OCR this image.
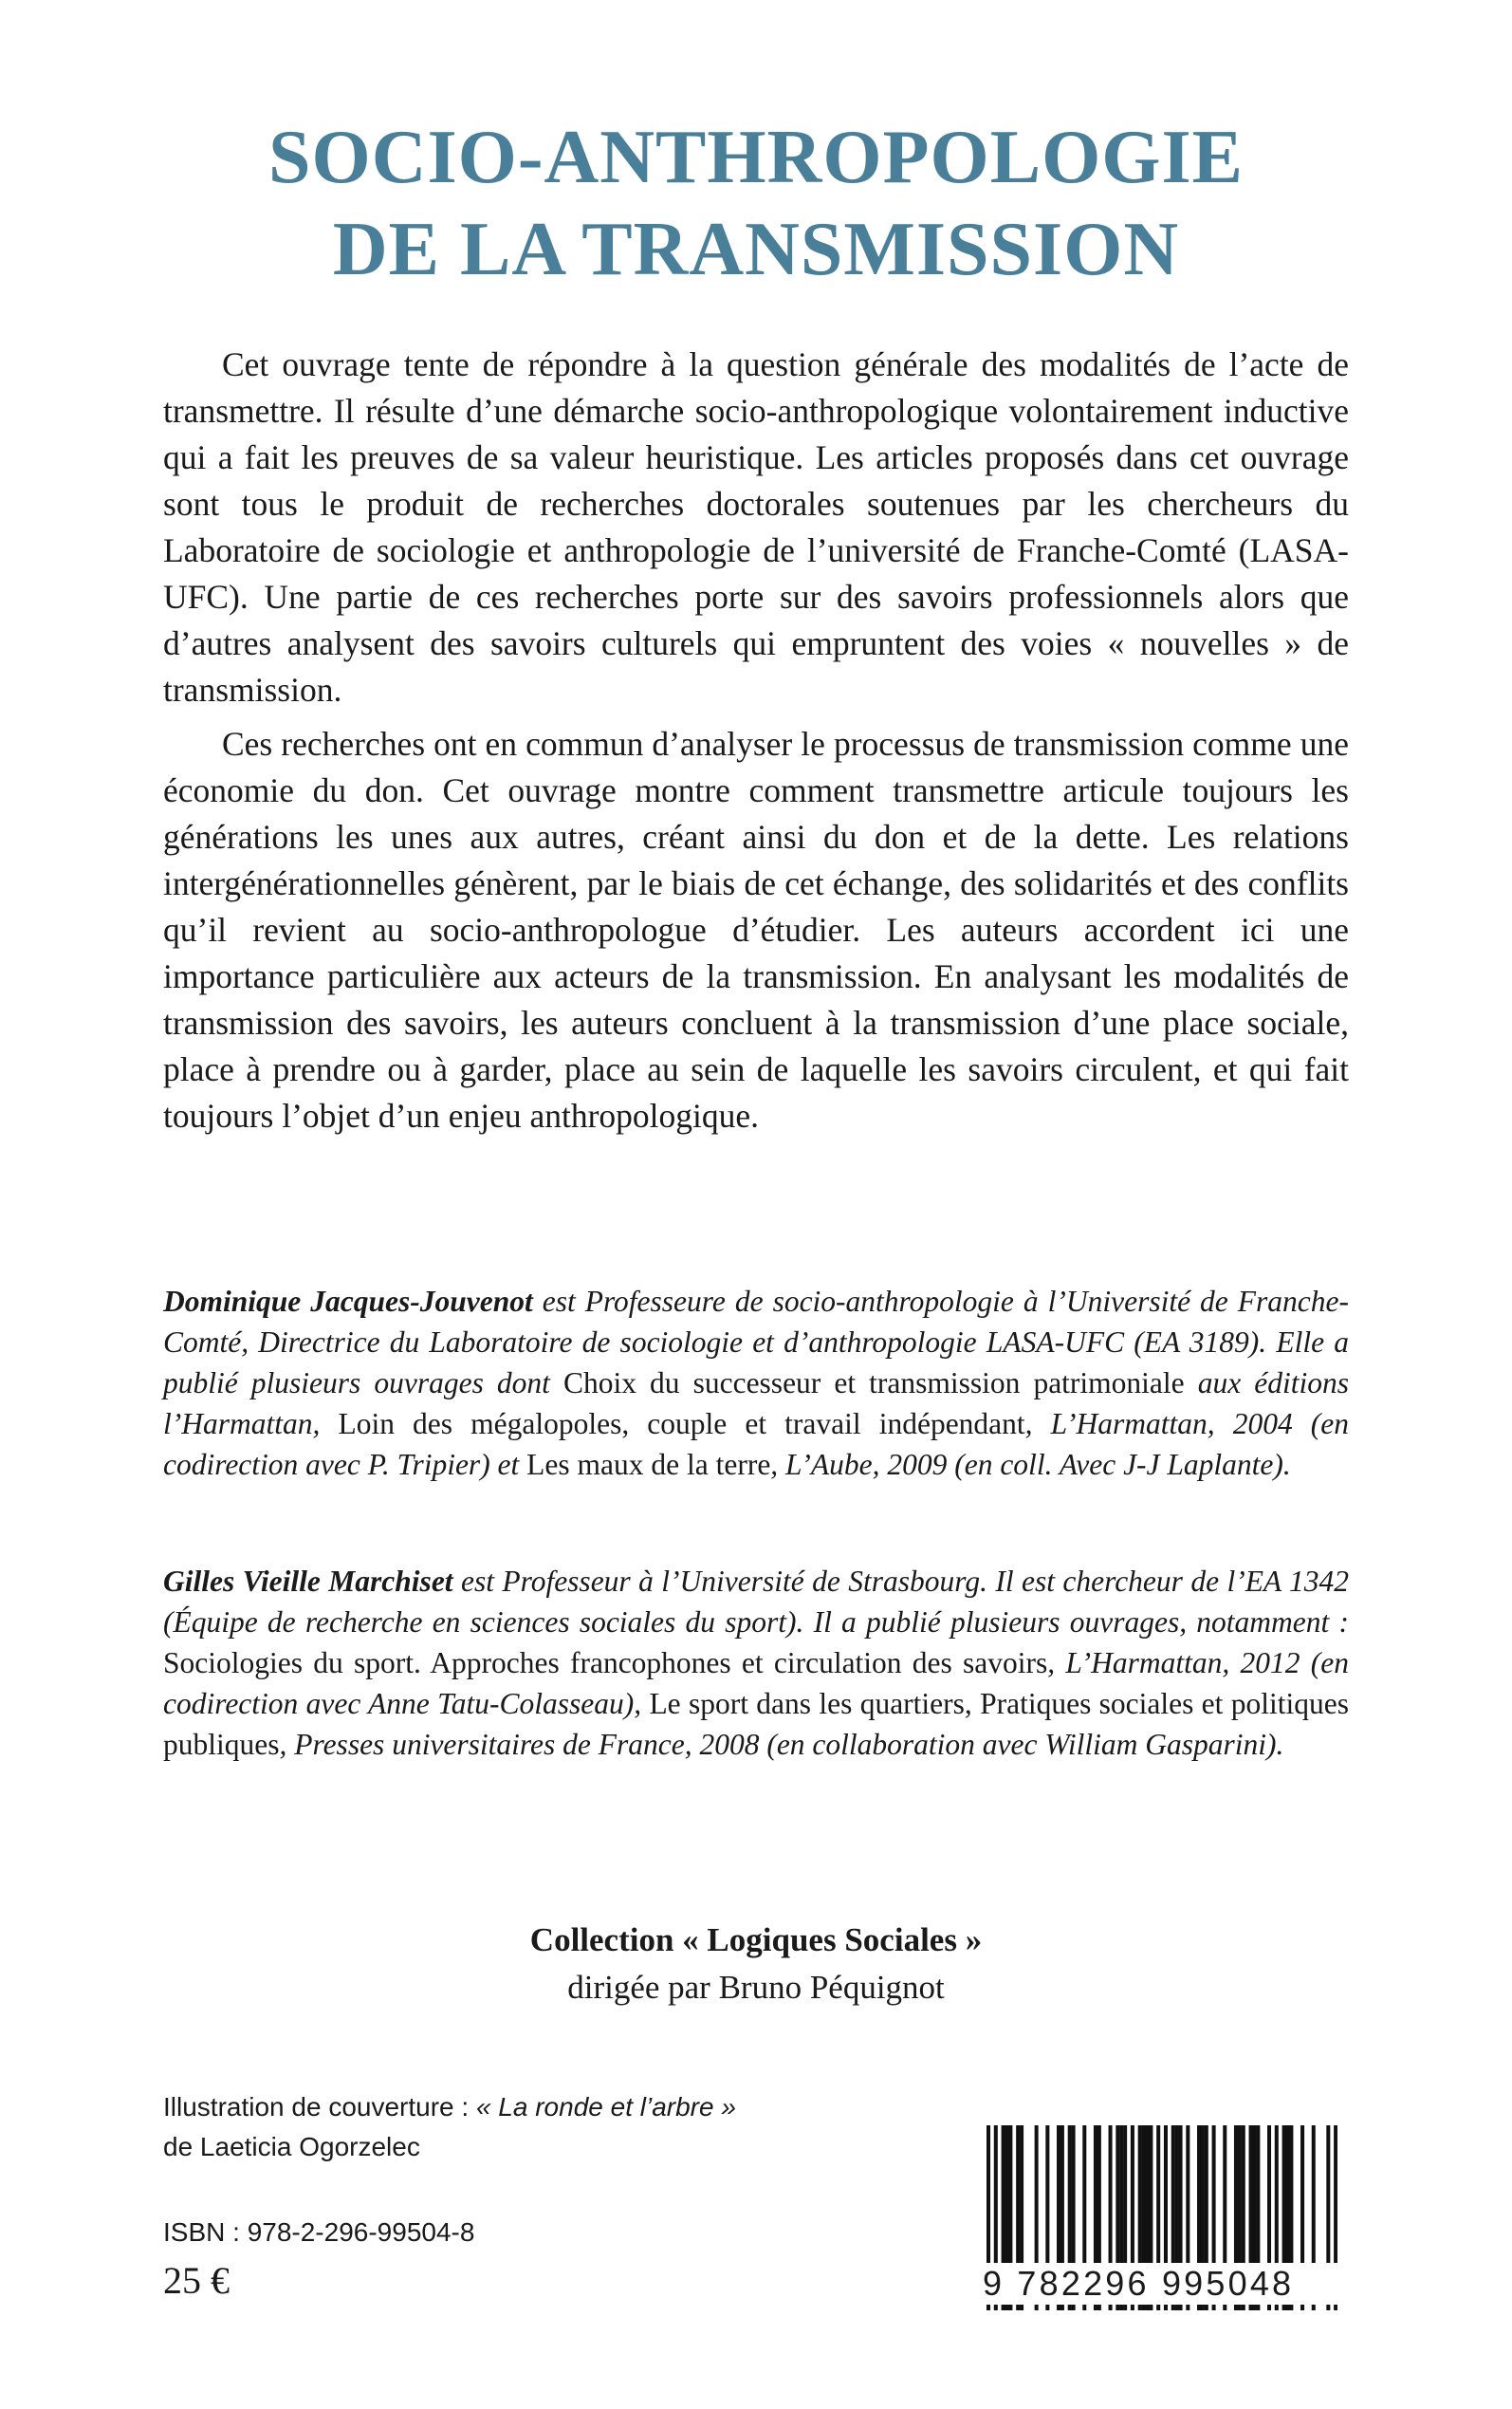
SOCIO-ANTHROPOLOGIE
DE LA TRANSMISSION

Cet ouvrage tente de répondre à la question générale des modalités de l’acte de transmettre. Il résulte d’une démarche socio-anthropologique volontairement inductive qui a fait les preuves de sa valeur heuristique. Les articles proposés dans cet ouvrage sont tous le produit de recherches doctorales soutenues par les chercheurs du Laboratoire de sociologie et anthropologie de l’université de Franche-Comté (LASA-UFC). Une partie de ces recherches porte sur des savoirs professionnels alors que d’autres analysent des savoirs culturels qui empruntent des voies « nouvelles » de transmission.

Ces recherches ont en commun d’analyser le processus de transmission comme une économie du don. Cet ouvrage montre comment transmettre articule toujours les générations les unes aux autres, créant ainsi du don et de la dette. Les relations intergénérationnelles génèrent, par le biais de cet échange, des solidarités et des conflits qu’il revient au socio-anthropologue d’étudier. Les auteurs accordent ici une importance particulière aux acteurs de la transmission. En analysant les modalités de transmission des savoirs, les auteurs concluent à la transmission d’une place sociale, place à prendre ou à garder, place au sein de laquelle les savoirs circulent, et qui fait toujours l’objet d’un enjeu anthropologique.

Dominique Jacques-Jouvenot est Professeure de socio-anthropologie à l’Université de Franche-Comté, Directrice du Laboratoire de sociologie et d’anthropologie LASA-UFC (EA 3189). Elle a publié plusieurs ouvrages dont Choix du successeur et transmission patrimoniale aux éditions l’Harmattan, Loin des mégalopoles, couple et travail indépendant, L’Harmattan, 2004 (en codirection avec P. Tripier) et Les maux de la terre, L’Aube, 2009 (en coll. Avec J-J Laplante).

Gilles Vieille Marchiset est Professeur à l’Université de Strasbourg. Il est chercheur de l’EA 1342 (Équipe de recherche en sciences sociales du sport). Il a publié plusieurs ouvrages, notamment : Sociologies du sport. Approches francophones et circulation des savoirs, L’Harmattan, 2012 (en codirection avec Anne Tatu-Colasseau), Le sport dans les quartiers, Pratiques sociales et politiques publiques, Presses universitaires de France, 2008 (en collaboration avec William Gasparini).

Collection « Logiques Sociales »
dirigée par Bruno Péquignot
Illustration de couverture : « La ronde et l’arbre »
de Laeticia Ogorzelec
ISBN : 978-2-296-99504-8
25 €	9 782296 995048
